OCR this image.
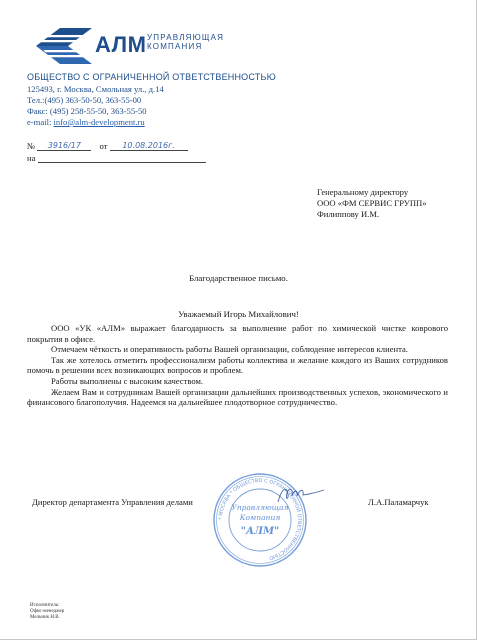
АЛМ УПРАВЛЯЮЩАЯ
КОМПАНИЯ
ОБЩЕСТВО С ОГРАНИЧЕННОЙ ОТВЕТСТВЕННОСТЬЮ
125493, г. Москва, Смольная ул., д.14
Тел.:(495) 363-50-50, 363-55-00
Факс: (495) 258-55-50, 363-55-50
e-mail: info@alm-development.ru
№ 3916/17 от 10.08.2016г.
на
Генеральному директору
ООО «ФМ СЕРВИС ГРУПП»
Филиппову И.М.
Благодарственное письмо.
Уважаемый Игорь Михайлович!

ООО «УК «АЛМ» выражает благодарность за выполнение работ по химической чистке коврового покрытия в офисе.

Отмечаем чёткость и оперативность работы Вашей организации, соблюдение интересов клиента.

Так же хотелось отметить профессионализм работы коллектива и желание каждого из Ваших сотрудников помочь в решении всех возникающих вопросов и проблем.

Работы выполнены с высоким качеством.

Желаем Вам и сотрудникам Вашей организации дальнейших производственных успехов, экономического и финансового благополучия. Надеемся на дальнейшее плодотворное сотрудничество.

* МОСКВА * ОБЩЕСТВО С ОГРАНИЧЕННОЙ ОТВЕТСТВЕННОСТЬЮ
Управляющая
Компания
"АЛМ"
Директор департамента Управления делами	Л.А.Паламарчук
Исполнитель:
Офис-менеджер
Мельник Н.В.
